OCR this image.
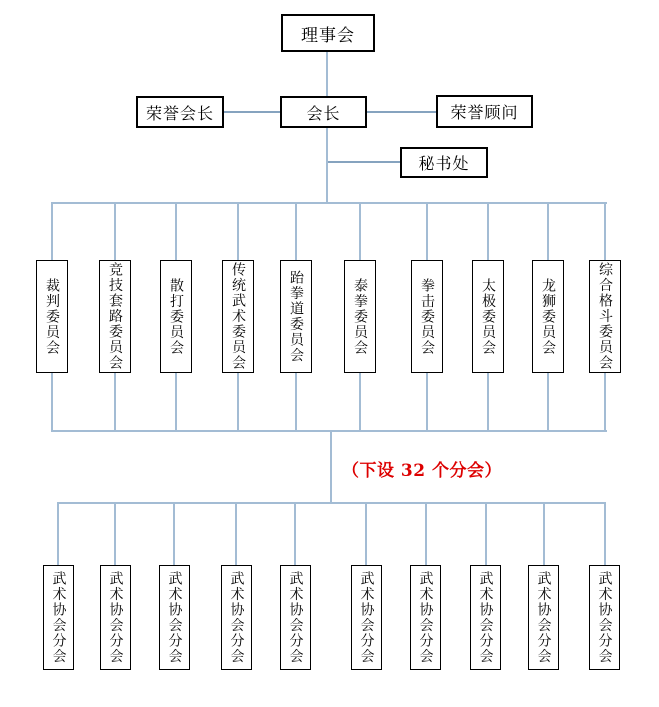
理事会
荣誉会长	会长	荣誉顾问
秘书处
裁判委员会	竞技套路委员会	散打委员会	传统武术委员会	跆拳道委员会	泰拳委员会	拳击委员会	太极委员会	龙狮委员会	综合格斗委员会
（下设 32 个分会）
武术协会分会	武术协会分会	武术协会分会	武术协会分会	武术协会分会	武术协会分会	武术协会分会	武术协会分会	武术协会分会	武术协会分会
